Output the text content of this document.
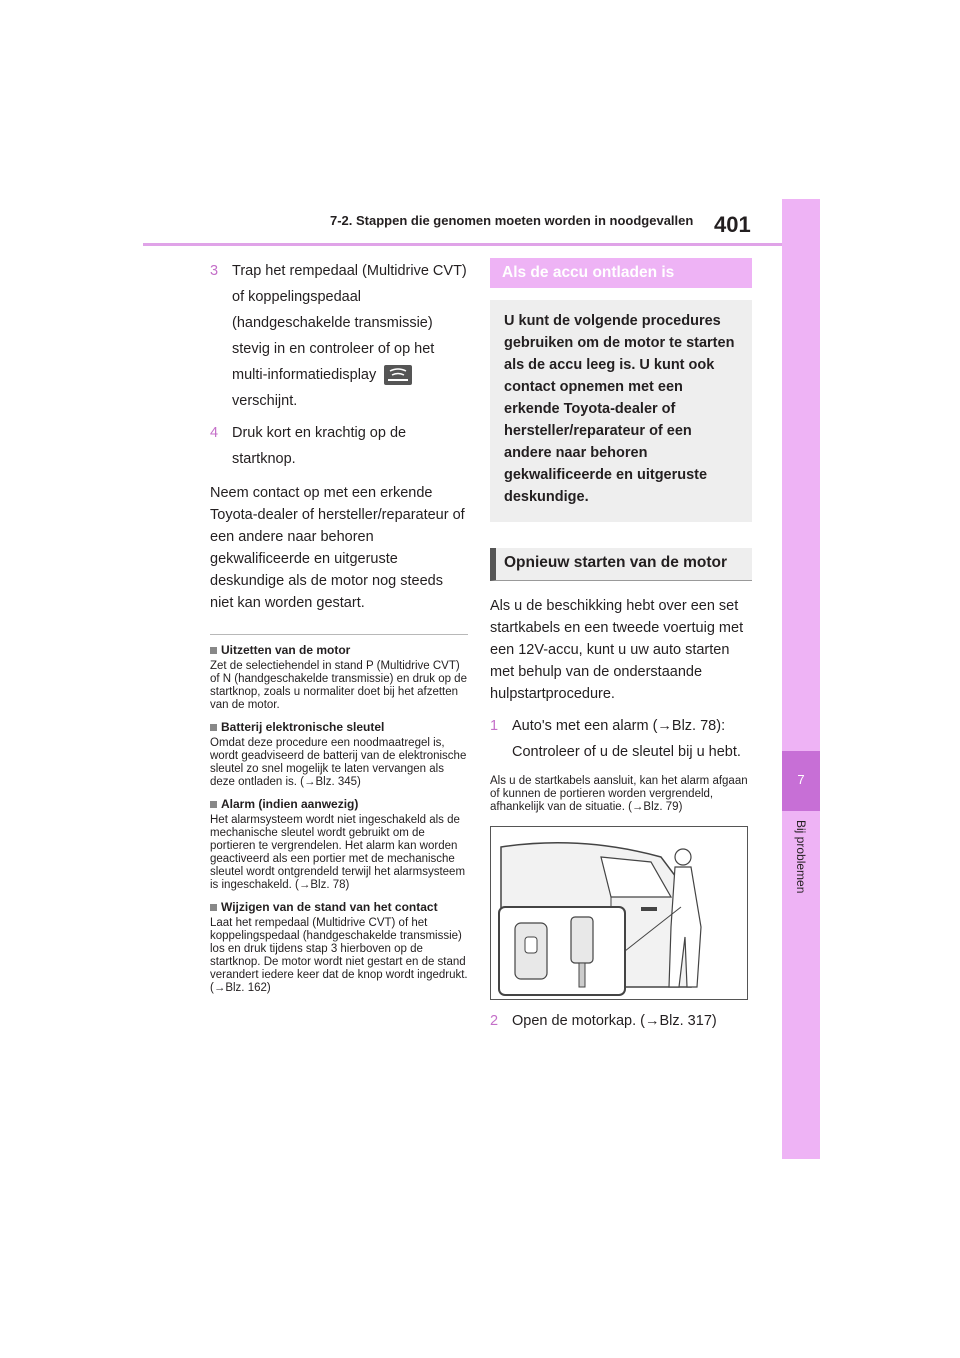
7-2. Stappen die genomen moeten worden in noodgevallen 401
7
Bij problemen
3 Trap het rempedaal (Multidrive CVT) of koppelingspedaal (handgeschakelde transmissie) stevig in en controleer of op het multi-informatiedisplay  verschijnt.
4 Druk kort en krachtig op de startknop.

Neem contact op met een erkende Toyota-dealer of hersteller/reparateur of een andere naar behoren gekwalificeerde en uitgeruste deskundige als de motor nog steeds niet kan worden gestart.

Uitzetten van de motor
Zet de selectiehendel in stand P (Multidrive CVT) of N (handgeschakelde transmissie) en druk op de startknop, zoals u normaliter doet bij het afzetten van de motor.
Batterij elektronische sleutel
Omdat deze procedure een noodmaatregel is, wordt geadviseerd de batterij van de elektronische sleutel zo snel mogelijk te laten vervangen als deze ontladen is. (→Blz. 345)
Alarm (indien aanwezig)
Het alarmsysteem wordt niet ingeschakeld als de mechanische sleutel wordt gebruikt om de portieren te vergrendelen. Het alarm kan worden geactiveerd als een portier met de mechanische sleutel wordt ontgrendeld terwijl het alarmsysteem is ingeschakeld. (→Blz. 78)
Wijzigen van de stand van het contact
Laat het rempedaal (Multidrive CVT) of het koppelingspedaal (handgeschakelde transmissie) los en druk tijdens stap 3 hierboven op de startknop. De motor wordt niet gestart en de stand verandert iedere keer dat de knop wordt ingedrukt. (→Blz. 162)
Als de accu ontladen is
U kunt de volgende procedures gebruiken om de motor te starten als de accu leeg is. U kunt ook contact opnemen met een erkende Toyota-dealer of hersteller/reparateur of een andere naar behoren gekwalificeerde en uitgeruste deskundige.
Opnieuw starten van de motor

Als u de beschikking hebt over een set startkabels en een tweede voertuig met een 12V-accu, kunt u uw auto starten met behulp van de onderstaande hulpstartprocedure.

1 Auto's met een alarm (→Blz. 78): Controleer of u de sleutel bij u hebt.
Als u de startkabels aansluit, kan het alarm afgaan of kunnen de portieren worden vergrendeld, afhankelijk van de situatie. (→Blz. 79)
2 Open de motorkap. (→Blz. 317)
